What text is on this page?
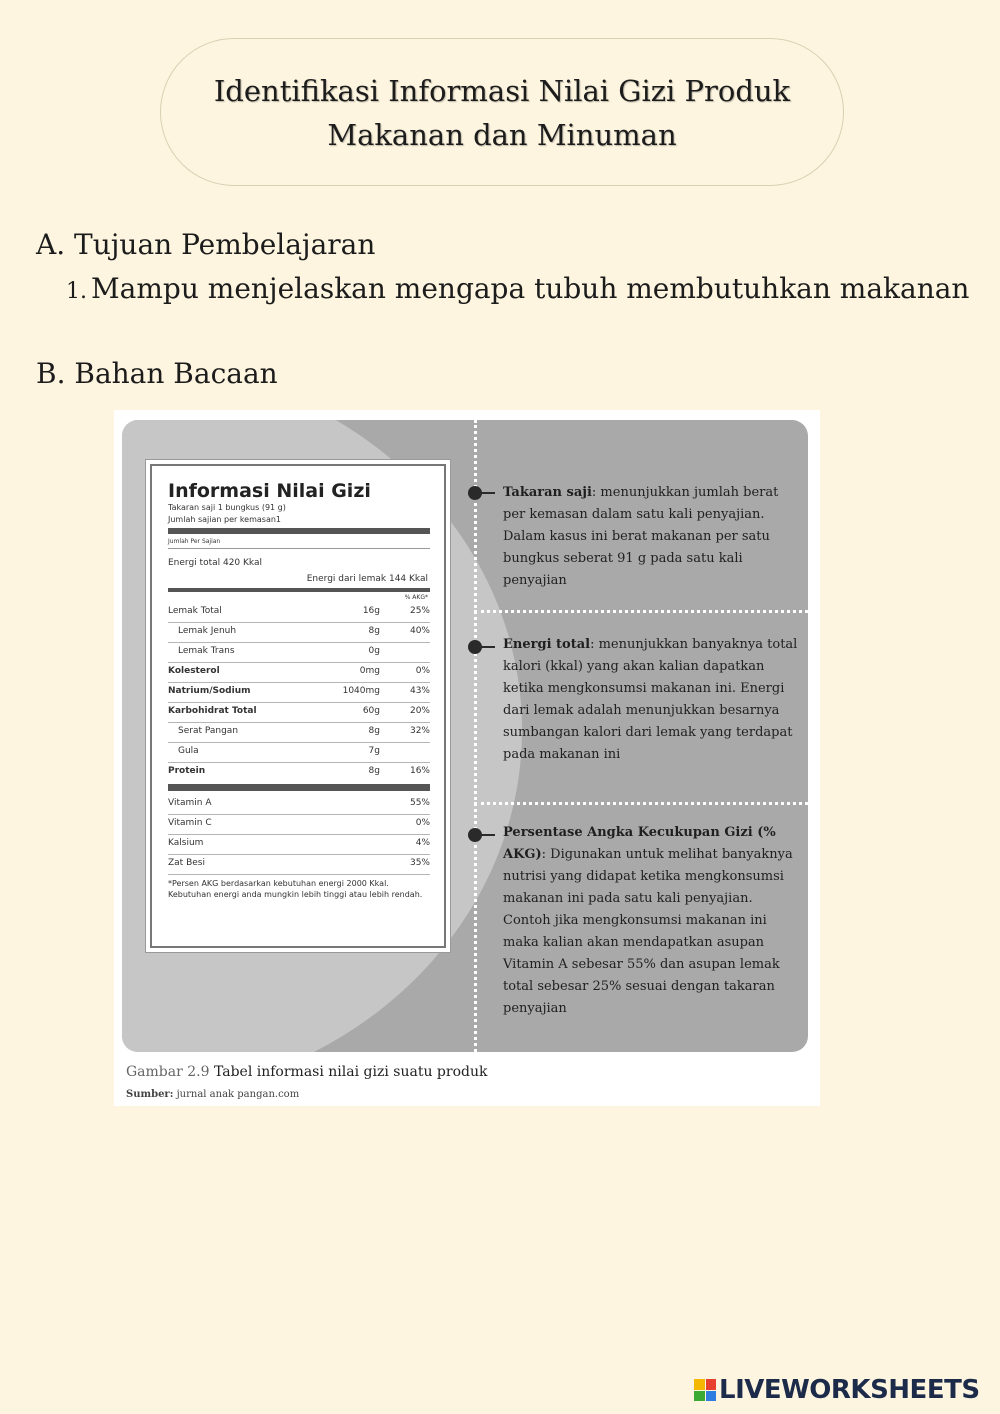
Identifikasi Informasi Nilai Gizi Produk
Makanan dan Minuman
A. Tujuan Pembelajaran
1. Mampu menjelaskan mengapa tubuh membutuhkan makanan
B. Bahan Bacaan
Informasi Nilai Gizi
Takaran saji 1 bungkus (91 g)
Jumlah sajian per kemasan1
Jumlah Per Sajian
Energi total 420 Kkal
Energi dari lemak 144 Kkal
% AKG*
Lemak Total	16g	25%
Lemak Jenuh	8g	40%
Lemak Trans	0g
Kolesterol	0mg	0%
Natrium/Sodium	1040mg	43%
Karbohidrat Total	60g	20%
Serat Pangan	8g	32%
Gula	7g
Protein	8g	16%
Vitamin A	55%
Vitamin C	0%
Kalsium	4%
Zat Besi	35%
*Persen AKG berdasarkan kebutuhan energi 2000 Kkal. Kebutuhan energi anda mungkin lebih tinggi atau lebih rendah.
Takaran saji: menunjukkan jumlah berat per kemasan dalam satu kali penyajian. Dalam kasus ini berat makanan per satu bungkus seberat 91 g pada satu kali penyajian
Energi total: menunjukkan banyaknya total kalori (kkal) yang akan kalian dapatkan ketika mengkonsumsi makanan ini. Energi dari lemak adalah menunjukkan besarnya sumbangan kalori dari lemak yang terdapat pada makanan ini
Persentase Angka Kecukupan Gizi (% AKG): Digunakan untuk melihat banyaknya nutrisi yang didapat ketika mengkonsumsi makanan ini pada satu kali penyajian. Contoh jika mengkonsumsi makanan ini maka kalian akan mendapatkan asupan Vitamin A sebesar 55% dan asupan lemak total sebesar 25% sesuai dengan takaran penyajian
Gambar 2.9 Tabel informasi nilai gizi suatu produk
Sumber: jurnal anak pangan.com
LIVEWORKSHEETS
